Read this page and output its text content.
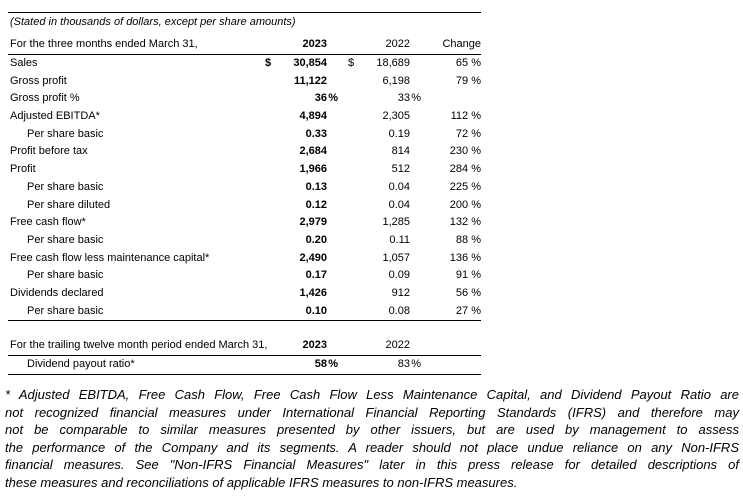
(Stated in thousands of dollars, except per share amounts)
For the three months ended March 31,	2023	2022	Change
Sales	$ 30,854	$ 18,689	65 %
Gross profit	11,122	6,198	79 %
Gross profit %	36 %	33 %
Adjusted EBITDA*	4,894	2,305	112 %
Per share basic	0.33	0.19	72 %
Profit before tax	2,684	814	230 %
Profit	1,966	512	284 %
Per share basic	0.13	0.04	225 %
Per share diluted	0.12	0.04	200 %
Free cash flow*	2,979	1,285	132 %
Per share basic	0.20	0.11	88 %
Free cash flow less maintenance capital*	2,490	1,057	136 %
Per share basic	0.17	0.09	91 %
Dividends declared	1,426	912	56 %
Per share basic	0.10	0.08	27 %
For the trailing twelve month period ended March 31,	2023	2022
Dividend payout ratio*	58 %	83 %
* Adjusted EBITDA, Free Cash Flow, Free Cash Flow Less Maintenance Capital, and Dividend Payout Ratio are
not recognized financial measures under International Financial Reporting Standards (IFRS) and therefore may
not be comparable to similar measures presented by other issuers, but are used by management to assess
the performance of the Company and its segments. A reader should not place undue reliance on any Non-IFRS
financial measures. See "Non-IFRS Financial Measures" later in this press release for detailed descriptions of
these measures and reconciliations of applicable IFRS measures to non-IFRS measures.
